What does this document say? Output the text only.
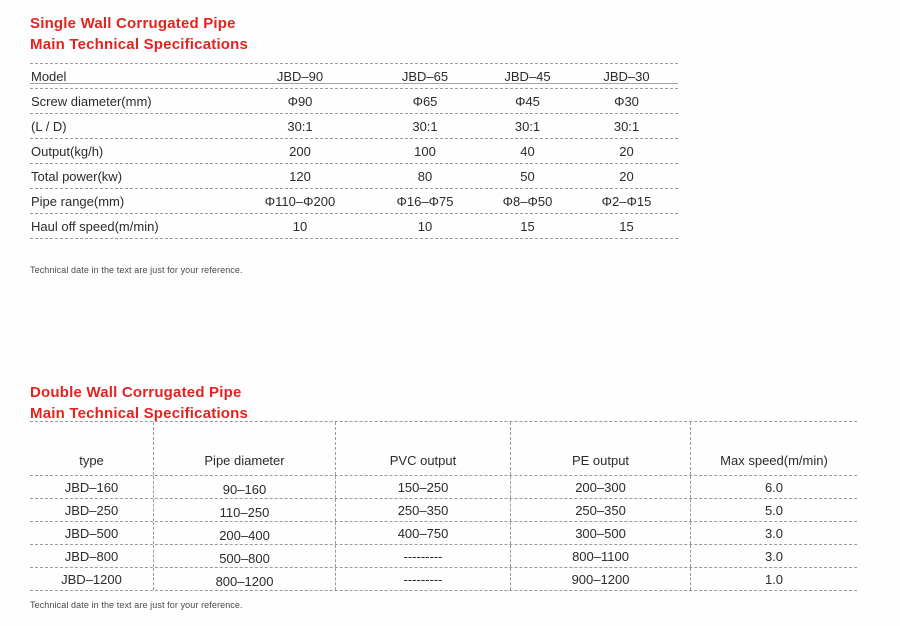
Single Wall Corrugated Pipe
Main Technical Specifications
Model	JBD–90	JBD–65	JBD–45	JBD–30
Screw diameter(mm)	Φ90	Φ65	Φ45	Φ30
(L / D)	30:1	30:1	30:1	30:1
Output(kg/h)	200	100	40	20
Total power(kw)	120	80	50	20
Pipe range(mm)	Φ110–Φ200	Φ16–Φ75	Φ8–Φ50	Φ2–Φ15
Haul off speed(m/min)	10	10	15	15
Technical date in the text are just for your reference.
Double Wall Corrugated Pipe
Main Technical Specifications
type	Pipe diameter	PVC output	PE output	Max speed(m/min)
JBD–160	90–160	150–250	200–300	6.0
JBD–250	110–250	250–350	250–350	5.0
JBD–500	200–400	400–750	300–500	3.0
JBD–800	500–800	---------	800–1100	3.0
JBD–1200	800–1200	---------	900–1200	1.0
Technical date in the text are just for your reference.
